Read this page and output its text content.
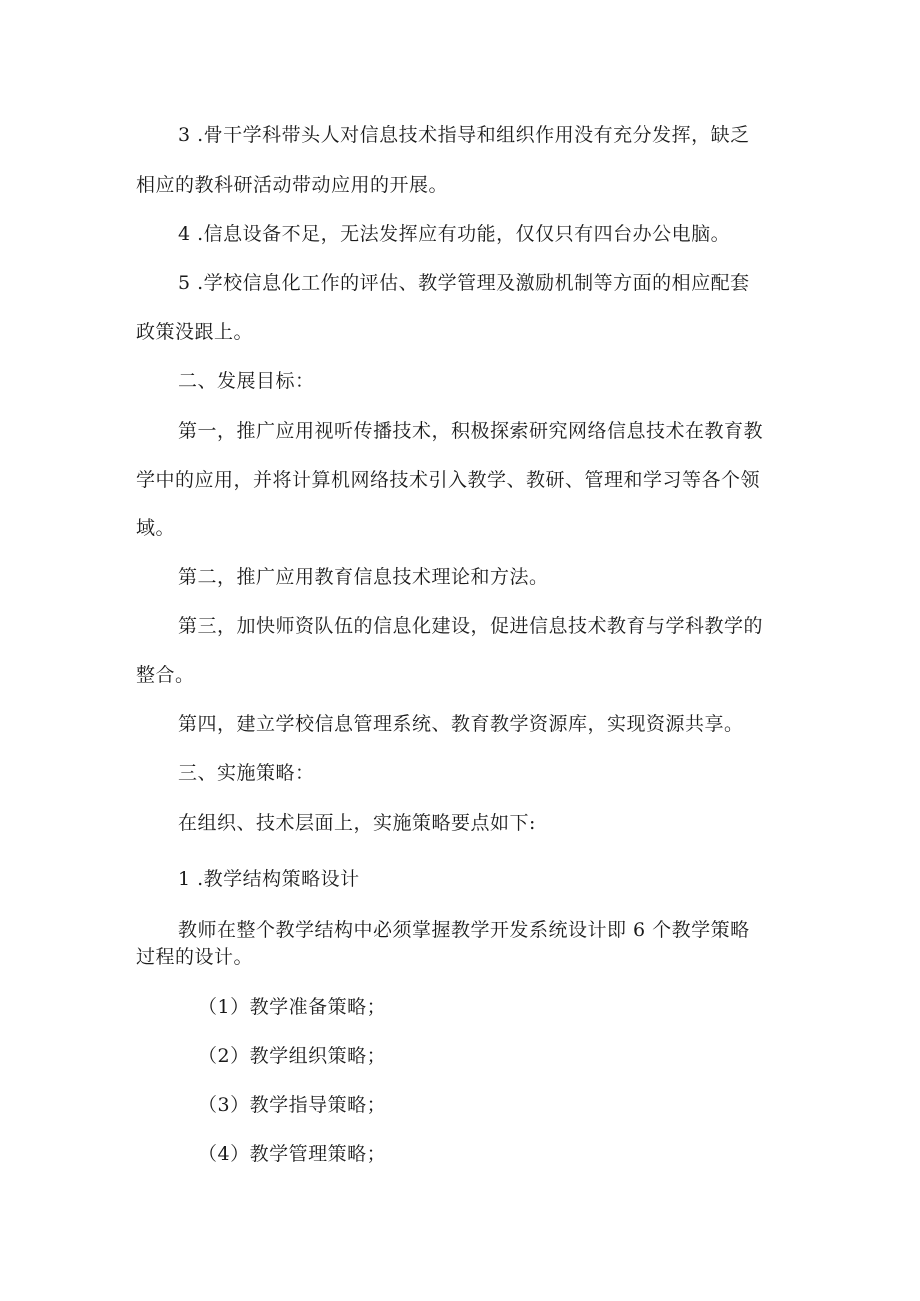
3 .骨干学科带头人对信息技术指导和组织作用没有充分发挥，缺乏
相应的教科研活动带动应用的开展。
4 .信息设备不足，无法发挥应有功能，仅仅只有四台办公电脑。
5 .学校信息化工作的评估、教学管理及激励机制等方面的相应配套
政策没跟上。
二、发展目标：
第一，推广应用视听传播技术，积极探索研究网络信息技术在教育教
学中的应用，并将计算机网络技术引入教学、教研、管理和学习等各个领
域。
第二，推广应用教育信息技术理论和方法。
第三，加快师资队伍的信息化建设，促进信息技术教育与学科教学的
整合。
第四，建立学校信息管理系统、教育教学资源库，实现资源共享。
三、实施策略：
在组织、技术层面上，实施策略要点如下:
1 .教学结构策略设计
教师在整个教学结构中必须掌握教学开发系统设计即 6 个教学策略
过程的设计。
（1）教学准备策略；
（2）教学组织策略；
（3）教学指导策略；
（4）教学管理策略；
